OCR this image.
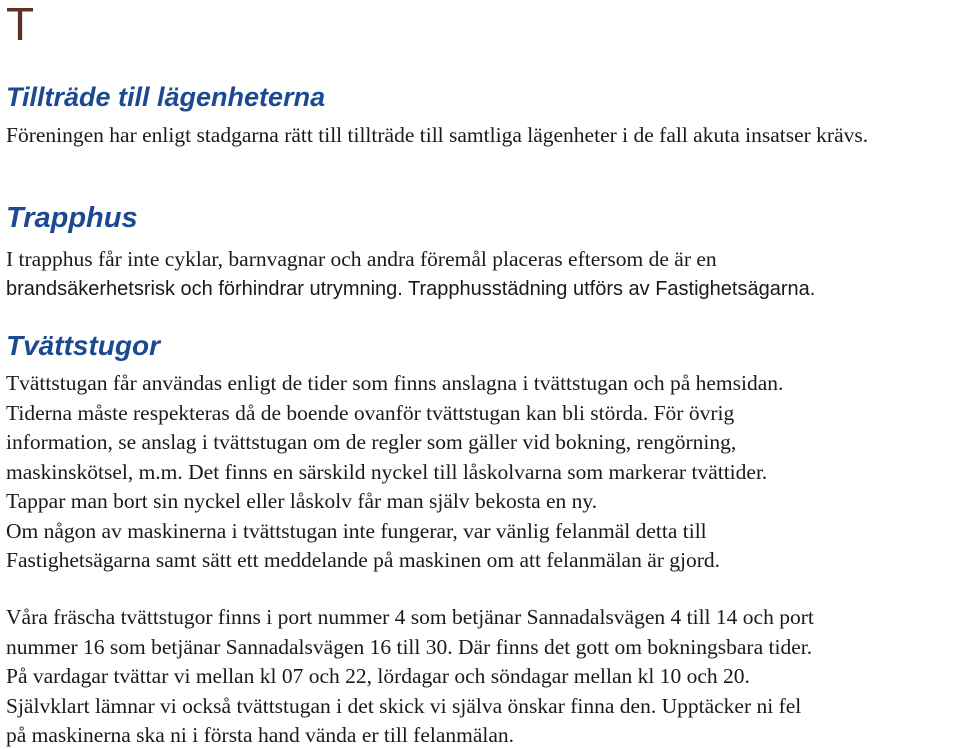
T
Tillträde till lägenheterna

Föreningen har enligt stadgarna rätt till tillträde till samtliga lägenheter i de fall akuta insatser krävs.

Trapphus

I trapphus får inte cyklar, barnvagnar och andra föremål placeras eftersom de är en

brandsäkerhetsrisk och förhindrar utrymning. Trapphusstädning utförs av Fastighetsägarna.

Tvättstugor

Tvättstugan får användas enligt de tider som finns anslagna i tvättstugan och på hemsidan.
Tiderna måste respekteras då de boende ovanför tvättstugan kan bli störda. För övrig
information, se anslag i tvättstugan om de regler som gäller vid bokning, rengörning,
maskinskötsel, m.m. Det finns en särskild nyckel till låskolvarna som markerar tvättider.
Tappar man bort sin nyckel eller låskolv får man själv bekosta en ny.
Om någon av maskinerna i tvättstugan inte fungerar, var vänlig felanmäl detta till
Fastighetsägarna samt sätt ett meddelande på maskinen om att felanmälan är gjord.

Våra fräscha tvättstugor finns i port nummer 4 som betjänar Sannadalsvägen 4 till 14 och port
nummer 16 som betjänar Sannadalsvägen 16 till 30. Där finns det gott om bokningsbara tider.
På vardagar tvättar vi mellan kl 07 och 22, lördagar och söndagar mellan kl 10 och 20.
Självklart lämnar vi också tvättstugan i det skick vi själva önskar finna den. Upptäcker ni fel
på maskinerna ska ni i första hand vända er till felanmälan.
